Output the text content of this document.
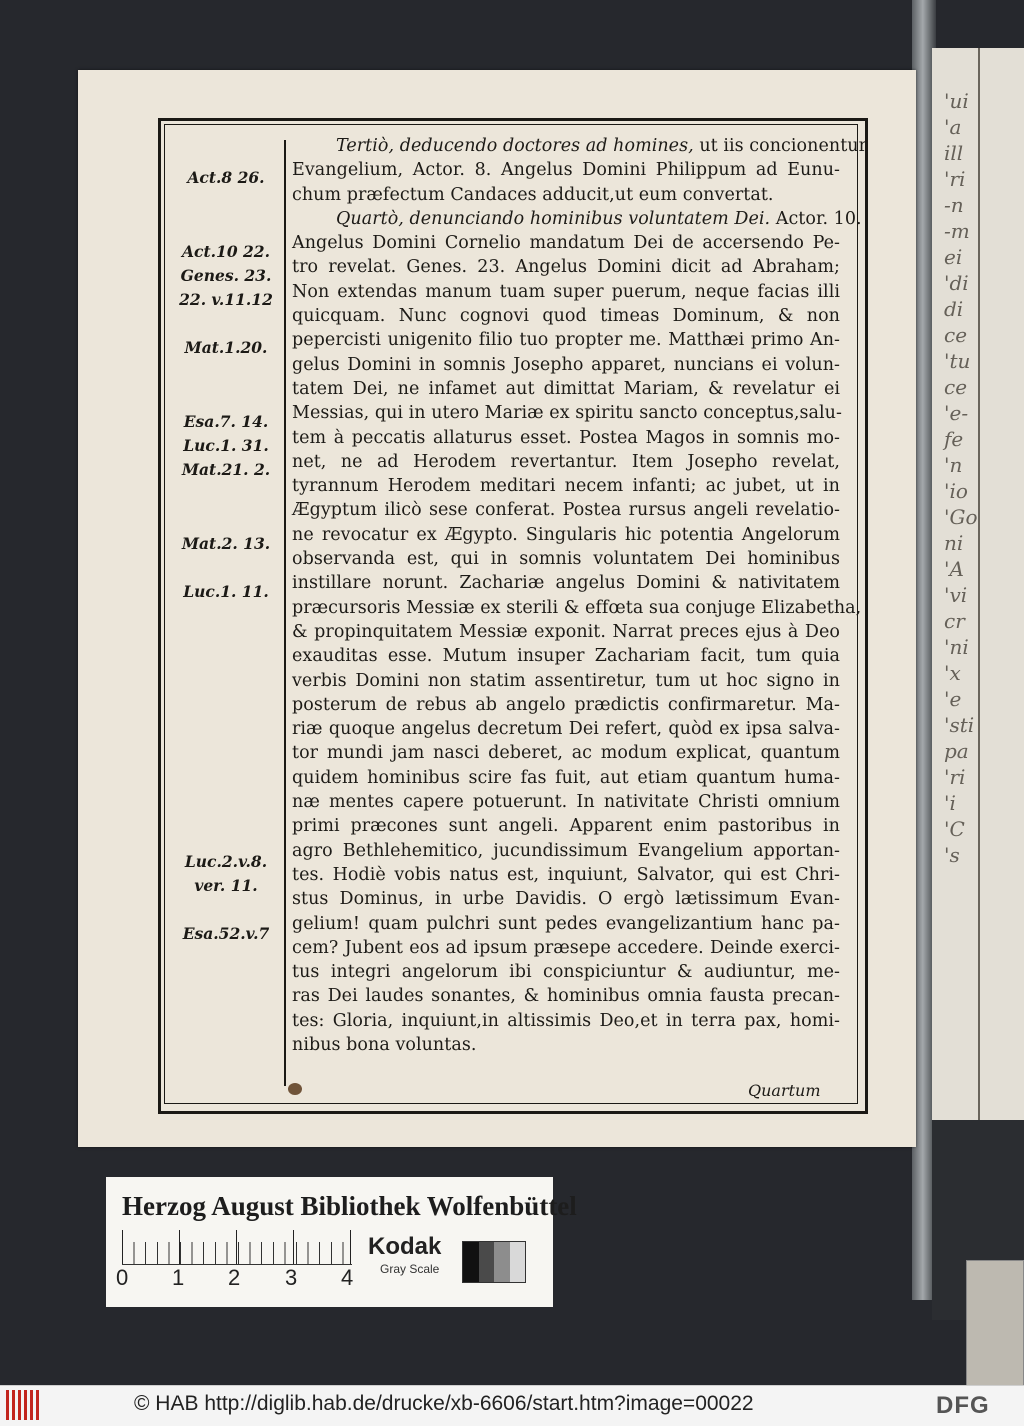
'ui
'a
ill
'ri
-n
-m
ei
'di
di
ce
'tu
ce
'e-
fe
'n
'io
'Go
ni
'A
'vi
cr
'ni
'x
'e
'sti
pa
'ri
'i
'C
's
Act.8 26.
Act.10 22.
Genes. 23.
22. v.11.12
Mat.1.20.
Esa.7. 14.
Luc.1. 31.
Mat.21. 2.
Mat.2. 13.
Luc.1. 11.
Luc.2.v.8.
ver. 11.
Esa.52.v.7
Tertiò, deducendo doctores ad homines, ut iis concionentur
Evangelium, Actor. 8. Angelus Domini Philippum ad Eunu-
chum præfectum Candaces adducit,ut eum convertat.
Quartò, denunciando hominibus voluntatem Dei. Actor. 10.
Angelus Domini Cornelio mandatum Dei de accersendo Pe-
tro revelat. Genes. 23. Angelus Domini dicit ad Abraham;
Non extendas manum tuam super puerum, neque facias illi
quicquam. Nunc cognovi quod timeas Dominum, & non
pepercisti unigenito filio tuo propter me. Matthæi primo An-
gelus Domini in somnis Josepho apparet, nuncians ei volun-
tatem Dei, ne infamet aut dimittat Mariam, & revelatur ei
Messias, qui in utero Mariæ ex spiritu sancto conceptus,salu-
tem à peccatis allaturus esset. Postea Magos in somnis mo-
net, ne ad Herodem revertantur. Item Josepho revelat,
tyrannum Herodem meditari necem infanti; ac jubet, ut in
Ægyptum ilicò sese conferat. Postea rursus angeli revelatio-
ne revocatur ex Ægypto. Singularis hic potentia Angelorum
observanda est, qui in somnis voluntatem Dei hominibus
instillare norunt. Zachariæ angelus Domini & nativitatem
præcursoris Messiæ ex sterili & effœta sua conjuge Elizabetha,
& propinquitatem Messiæ exponit. Narrat preces ejus à Deo
exauditas esse. Mutum insuper Zachariam facit, tum quia
verbis Domini non statim assentiretur, tum ut hoc signo in
posterum de rebus ab angelo prædictis confirmaretur. Ma-
riæ quoque angelus decretum Dei refert, quòd ex ipsa salva-
tor mundi jam nasci deberet, ac modum explicat, quantum
quidem hominibus scire fas fuit, aut etiam quantum huma-
næ mentes capere potuerunt. In nativitate Christi omnium
primi præcones sunt angeli. Apparent enim pastoribus in
agro Bethlehemitico, jucundissimum Evangelium apportan-
tes. Hodiè vobis natus est, inquiunt, Salvator, qui est Chri-
stus Dominus, in urbe Davidis. O ergò lætissimum Evan-
gelium! quam pulchri sunt pedes evangelizantium hanc pa-
cem? Jubent eos ad ipsum præsepe accedere. Deinde exerci-
tus integri angelorum ibi conspiciuntur & audiuntur, me-
ras Dei laudes sonantes, & hominibus omnia fausta precan-
tes: Gloria, inquiunt,in altissimis Deo,et in terra pax, homi-
nibus bona voluntas.
Quartum
Herzog August Bibliothek Wolfenbüttel
0 1 2 3 4
Kodak
Gray Scale
© HAB http://diglib.hab.de/drucke/xb-6606/start.htm?image=00022	DFG
